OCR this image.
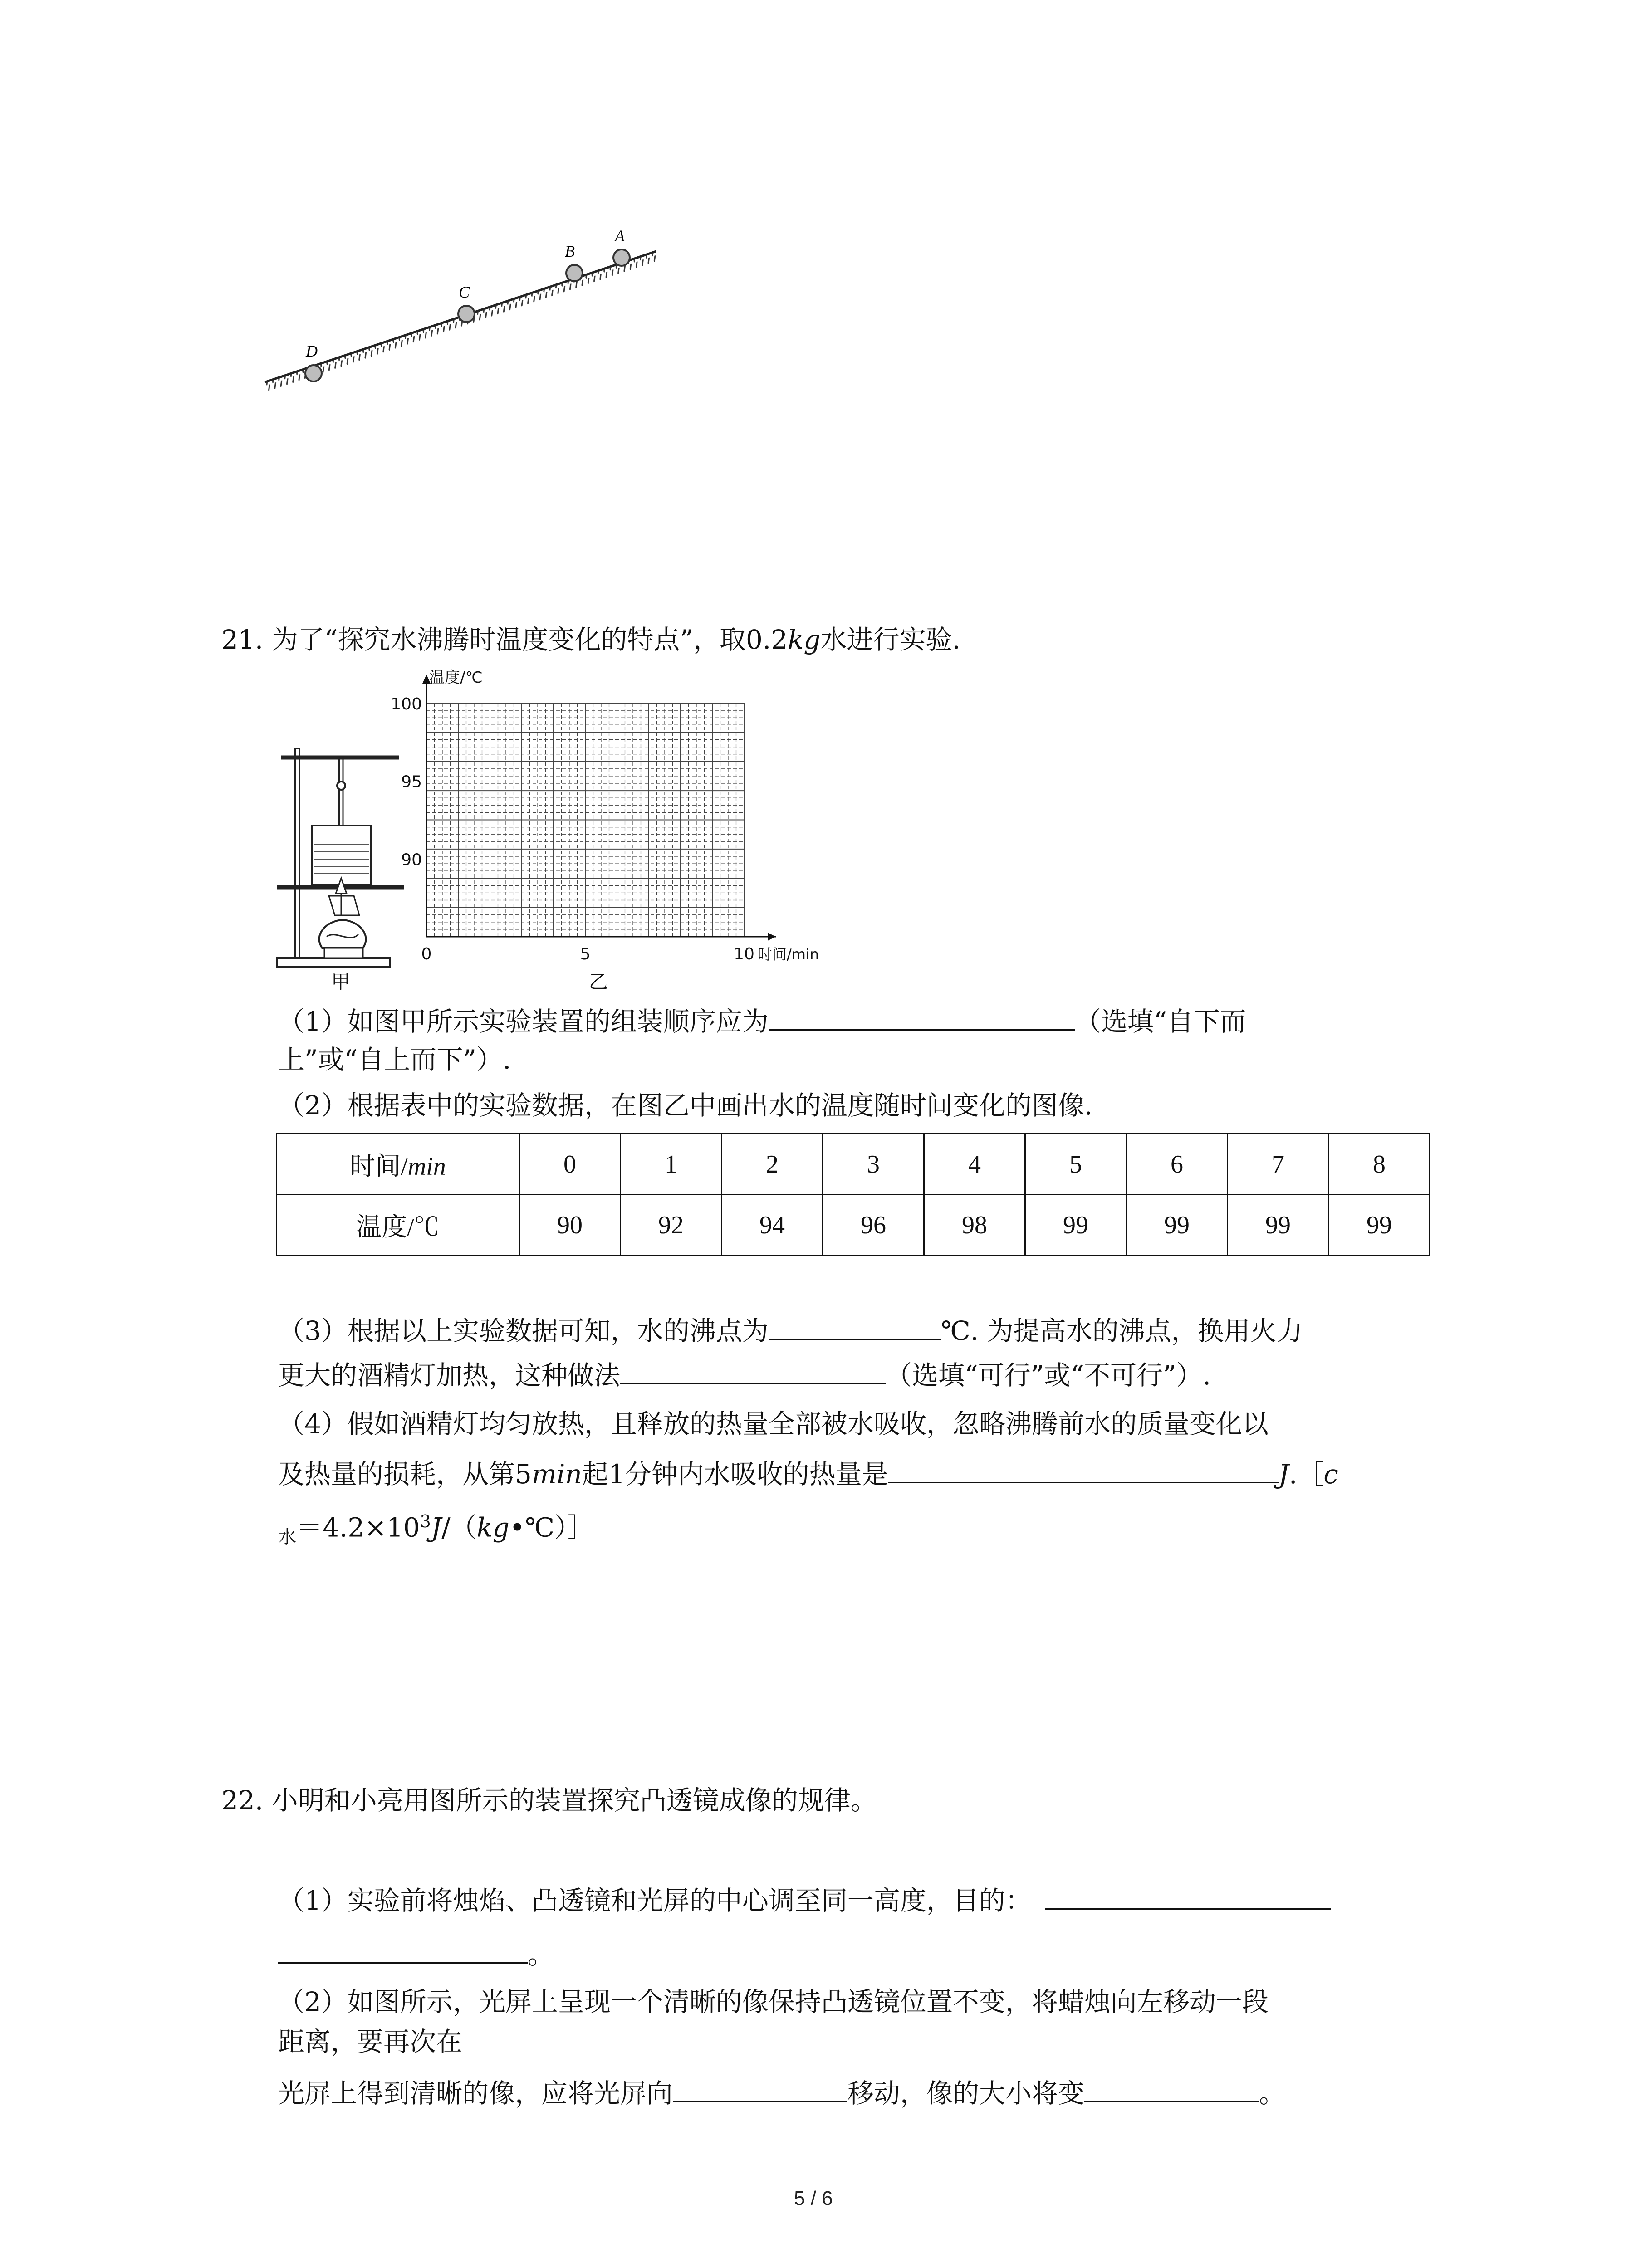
D
C
B
A
21. 为了“探究水沸腾时温度变化的特点”，取0.2kg水进行实验.
甲
温度/℃
100
95
90
0	5	10 时间/min
乙
（1）如图甲所示实验装置的组装顺序应为	（选填“自下而
上”或“自上而下”）.
（2）根据表中的实验数据，在图乙中画出水的温度随时间变化的图像.
时间/min	0	1	2	3	4	5	6	7	8
温度/℃	90	92	94	96	98	99	99	99	99
（3）根据以上实验数据可知，水的沸点为	℃. 为提高水的沸点，换用火力
更大的酒精灯加热，这种做法	（选填“可行”或“不可行”）.
（4）假如酒精灯均匀放热，且释放的热量全部被水吸收，忽略沸腾前水的质量变化以
及热量的损耗，从第5min起1分钟内水吸收的热量是	J.［c
$_水=4.2\times 10^3J/(kg•℃)]$
22. 小明和小亮用图所示的装置探究凸透镜成像的规律。
（1）实验前将烛焰、凸透镜和光屏的中心调至同一高度，目的：
。
（2）如图所示，光屏上呈现一个清晰的像保持凸透镜位置不变，将蜡烛向左移动一段
距离，要再次在
光屏上得到清晰的像，应将光屏向	移动，像的大小将变	。
5 / 6
